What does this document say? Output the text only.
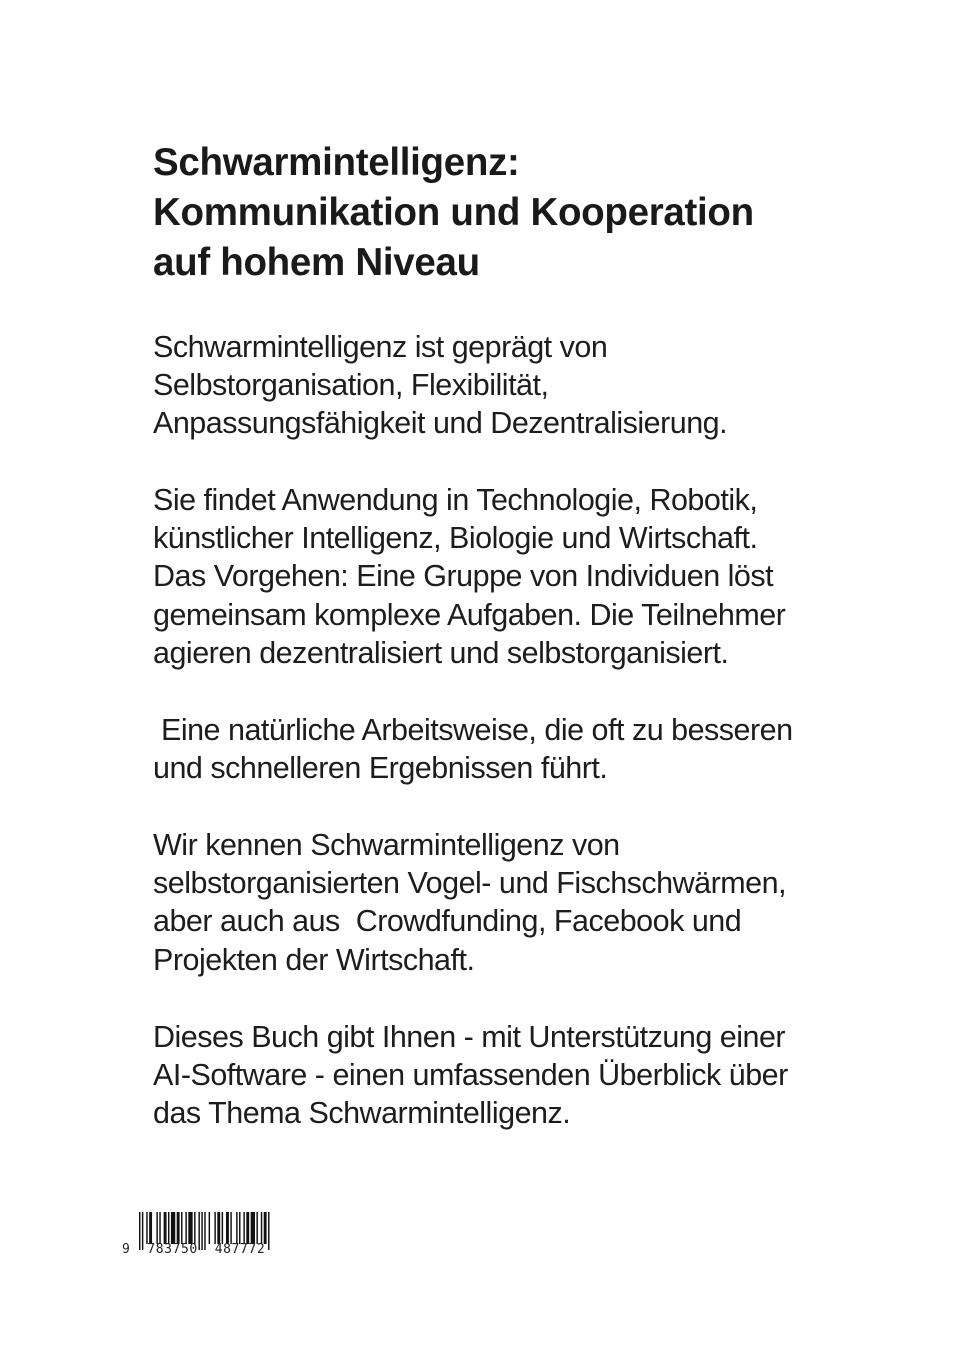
Schwarmintelligenz:
Kommunikation und Kooperation
auf hohem Niveau

Schwarmintelligenz ist geprägt von
Selbstorganisation, Flexibilität,
Anpassungsfähigkeit und Dezentralisierung.

Sie findet Anwendung in Technologie, Robotik,
künstlicher Intelligenz, Biologie und Wirtschaft.
Das Vorgehen: Eine Gruppe von Individuen löst
gemeinsam komplexe Aufgaben. Die Teilnehmer
agieren dezentralisiert und selbstorganisiert.

Eine natürliche Arbeitsweise, die oft zu besseren
und schnelleren Ergebnissen führt.

Wir kennen Schwarmintelligenz von
selbstorganisierten Vogel- und Fischschwärmen,
aber auch aus  Crowdfunding, Facebook und
Projekten der Wirtschaft.

Dieses Buch gibt Ihnen - mit Unterstützung einer
AI-Software - einen umfassenden Überblick über
das Thema Schwarmintelligenz.

9  783750  487772
